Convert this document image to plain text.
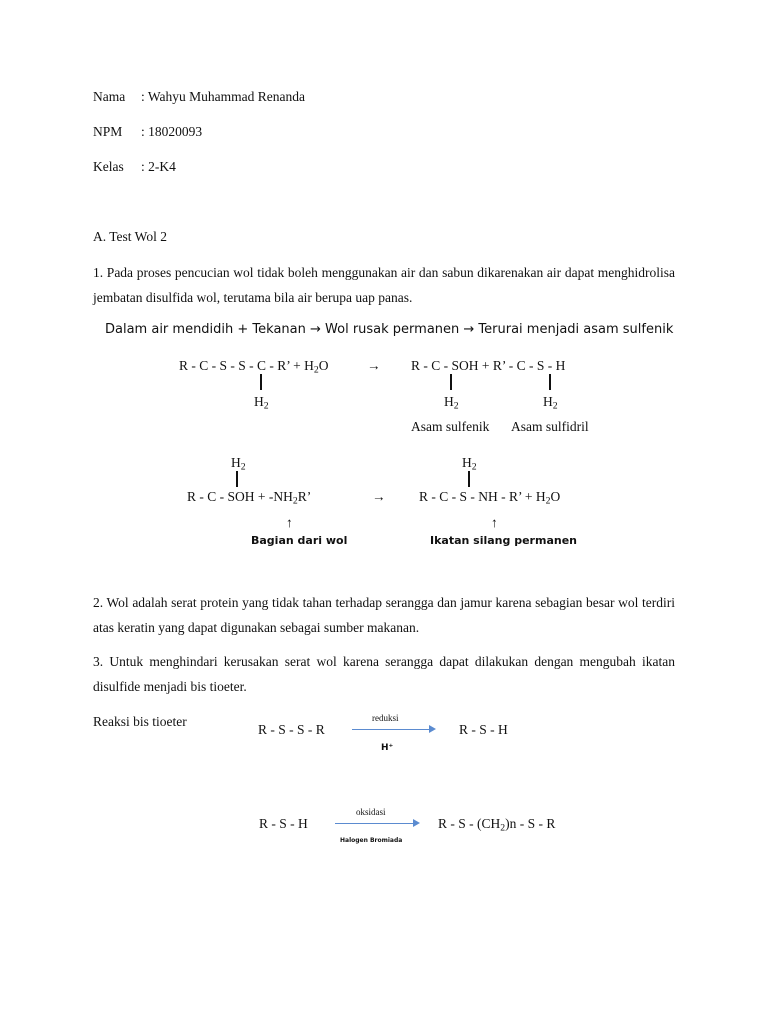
Nama : Wahyu Muhammad Renanda
NPM : 18020093
Kelas : 2-K4
A. Test Wol 2
1. Pada proses pencucian wol tidak boleh menggunakan air dan sabun dikarenakan air dapat menghidrolisa jembatan disulfida wol, terutama bila air berupa uap panas.
Dalam air mendidih + Tekanan → Wol rusak permanen → Terurai menjadi asam sulfenik
R - C - S - S - C - R’ + $H_2O$	→ R - C - SOH + R’ - C - S - H
$H_2$	$H_2$	$H_2$
Asam sulfenik Asam sulfidril
$H_2$	$H_2$
R - C - SOH + $-NH_2R$’	→ R - C - S - NH - R’ + $H_2O$
↑	↑
Bagian dari wol	Ikatan silang permanen
2. Wol adalah serat protein yang tidak tahan terhadap serangga dan jamur karena sebagian besar wol terdiri atas keratin yang dapat digunakan sebagai sumber makanan.
3. Untuk menghindari kerusakan serat wol karena serangga dapat dilakukan dengan mengubah ikatan disulfide menjadi bis tioeter.
Reaksi bis tioeter
R - S - S - R
reduksi
H⁺
R - S - H
oksidasi
R - S - H
Halogen Bromiada
R - S - $(CH_2)n$ - S - R
